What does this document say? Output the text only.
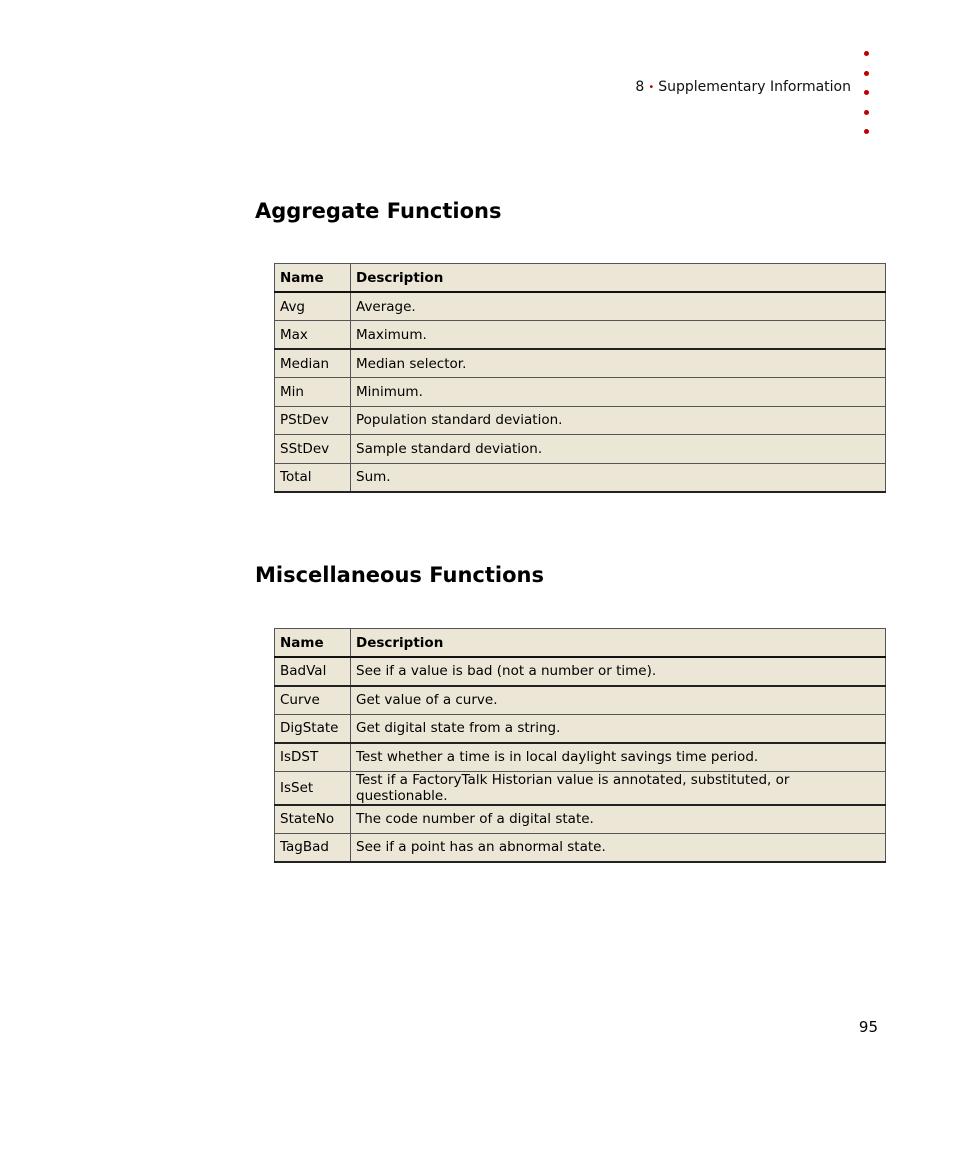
8 • Supplementary Information
Aggregate Functions
Name	Description
Avg	Average.
Max	Maximum.
Median	Median selector.
Min	Minimum.
PStDev	Population standard deviation.
SStDev	Sample standard deviation.
Total	Sum.
Miscellaneous Functions
Name	Description
BadVal	See if a value is bad (not a number or time).
Curve	Get value of a curve.
DigState	Get digital state from a string.
IsDST	Test whether a time is in local daylight savings time period.
IsSet	Test if a FactoryTalk Historian value is annotated, substituted, or questionable.
StateNo	The code number of a digital state.
TagBad	See if a point has an abnormal state.
95
